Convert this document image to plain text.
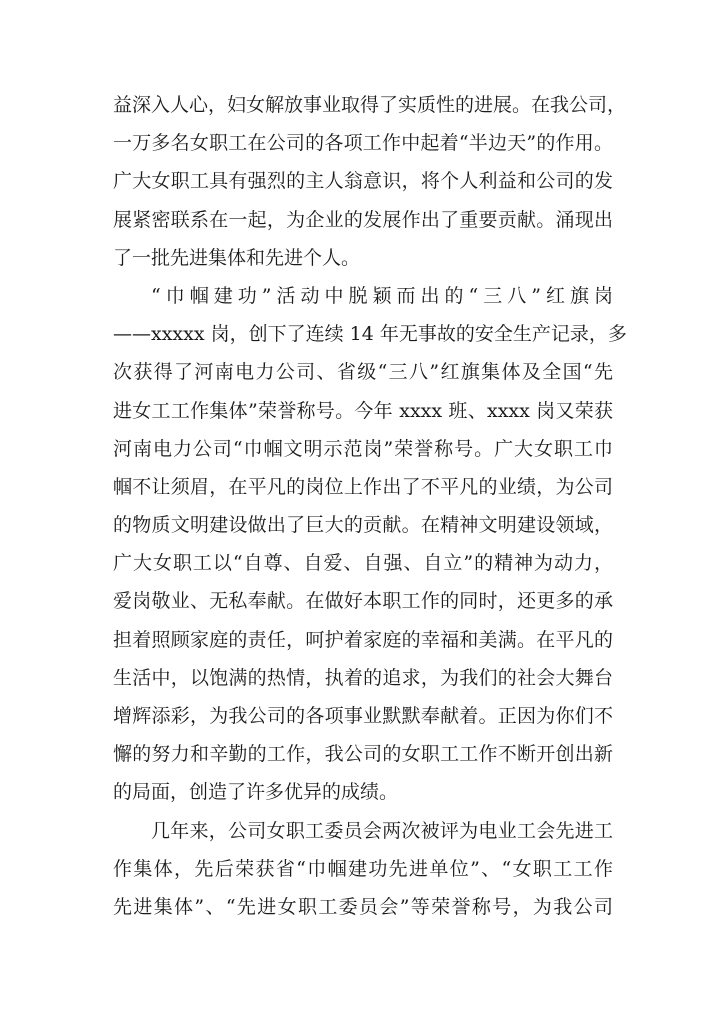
益深入人心，妇女解放事业取得了实质性的进展。在我公司，
一万多名女职工在公司的各项工作中起着“半边天”的作用。
广大女职工具有强烈的主人翁意识，将个人利益和公司的发
展紧密联系在一起，为企业的发展作出了重要贡献。涌现出
了一批先进集体和先进个人。
“巾帼建功”活动中脱颖而出的“三八”红旗岗
——xxxxx 岗，创下了连续 14 年无事故的安全生产记录，多
次获得了河南电力公司、省级“三八”红旗集体及全国“先
进女工工作集体”荣誉称号。今年 xxxx 班、xxxx 岗又荣获
河南电力公司“巾帼文明示范岗”荣誉称号。广大女职工巾
帼不让须眉，在平凡的岗位上作出了不平凡的业绩，为公司
的物质文明建设做出了巨大的贡献。在精神文明建设领域，
广大女职工以“自尊、自爱、自强、自立”的精神为动力，
爱岗敬业、无私奉献。在做好本职工作的同时，还更多的承
担着照顾家庭的责任，呵护着家庭的幸福和美满。在平凡的
生活中，以饱满的热情，执着的追求，为我们的社会大舞台
增辉添彩，为我公司的各项事业默默奉献着。正因为你们不
懈的努力和辛勤的工作，我公司的女职工工作不断开创出新
的局面，创造了许多优异的成绩。
几年来，公司女职工委员会两次被评为电业工会先进工
作集体，先后荣获省“巾帼建功先进单位”、“女职工工作
先进集体”、“先进女职工委员会”等荣誉称号，为我公司
